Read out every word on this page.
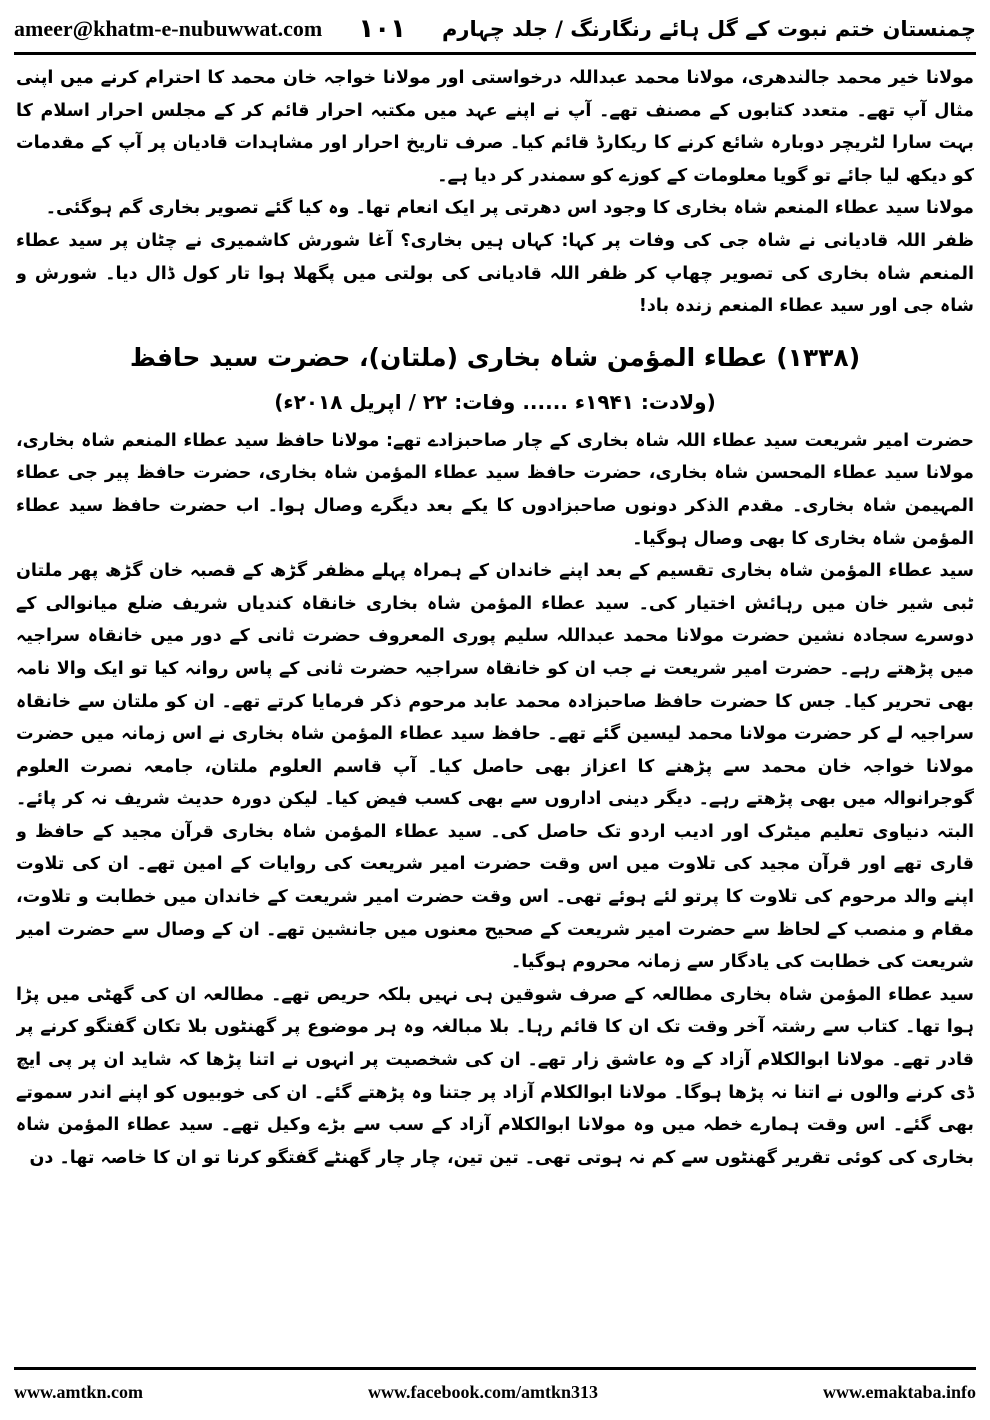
ameer@khatm-e-nubuwwat.com ۱۰۱ چمنستان ختم نبوت کے گل ہائے رنگارنگ / جلد چہارم

مولانا خیر محمد جالندھری، مولانا محمد عبداللہ درخواستی اور مولانا خواجہ خان محمد کا احترام کرنے میں اپنی مثال آپ تھے۔ متعدد کتابوں کے مصنف تھے۔ آپ نے اپنے عہد میں مکتبہ احرار قائم کر کے مجلس احرار اسلام کا بہت سارا لٹریچر دوبارہ شائع کرنے کا ریکارڈ قائم کیا۔ صرف تاریخ احرار اور مشاہدات قادیان پر آپ کے مقدمات کو دیکھ لیا جائے تو گویا معلومات کے کوزے کو سمندر کر دیا ہے۔

مولانا سید عطاء المنعم شاہ بخاری کا وجود اس دھرتی پر ایک انعام تھا۔ وہ کیا گئے تصویر بخاری گم ہوگئی۔

ظفر اللہ قادیانی نے شاہ جی کی وفات پر کہا: کہاں ہیں بخاری؟ آغا شورش کاشمیری نے چٹان پر سید عطاء المنعم شاہ بخاری کی تصویر چھاپ کر ظفر اللہ قادیانی کی بولتی میں پگھلا ہوا تار کول ڈال دیا۔ شورش و شاہ جی اور سید عطاء المنعم زندہ باد!

(۱۳۳۸) عطاء المؤمن شاہ بخاری (ملتان)، حضرت سید حافظ
(ولادت: ۱۹۴۱ء ...... وفات: ۲۲ / اپریل ۲۰۱۸ء)

حضرت امیر شریعت سید عطاء اللہ شاہ بخاری کے چار صاحبزادے تھے: مولانا حافظ سید عطاء المنعم شاہ بخاری، مولانا سید عطاء المحسن شاہ بخاری، حضرت حافظ سید عطاء المؤمن شاہ بخاری، حضرت حافظ پیر جی عطاء المہیمن شاہ بخاری۔ مقدم الذکر دونوں صاحبزادوں کا یکے بعد دیگرے وصال ہوا۔ اب حضرت حافظ سید عطاء المؤمن شاہ بخاری کا بھی وصال ہوگیا۔

سید عطاء المؤمن شاہ بخاری تقسیم کے بعد اپنے خاندان کے ہمراہ پہلے مظفر گڑھ کے قصبہ خان گڑھ پھر ملتان ٹبی شیر خان میں رہائش اختیار کی۔ سید عطاء المؤمن شاہ بخاری خانقاہ کندیاں شریف ضلع میانوالی کے دوسرے سجادہ نشین حضرت مولانا محمد عبداللہ سلیم پوری المعروف حضرت ثانی کے دور میں خانقاہ سراجیہ میں پڑھتے رہے۔ حضرت امیر شریعت نے جب ان کو خانقاہ سراجیہ حضرت ثانی کے پاس روانہ کیا تو ایک والا نامہ بھی تحریر کیا۔ جس کا حضرت حافظ صاحبزادہ محمد عابد مرحوم ذکر فرمایا کرتے تھے۔ ان کو ملتان سے خانقاہ سراجیہ لے کر حضرت مولانا محمد لیسین گئے تھے۔ حافظ سید عطاء المؤمن شاہ بخاری نے اس زمانہ میں حضرت مولانا خواجہ خان محمد سے پڑھنے کا اعزاز بھی حاصل کیا۔ آپ قاسم العلوم ملتان، جامعہ نصرت العلوم گوجرانوالہ میں بھی پڑھتے رہے۔ دیگر دینی اداروں سے بھی کسب فیض کیا۔ لیکن دورہ حدیث شریف نہ کر پائے۔ البتہ دنیاوی تعلیم میٹرک اور ادیب اردو تک حاصل کی۔ سید عطاء المؤمن شاہ بخاری قرآن مجید کے حافظ و قاری تھے اور قرآن مجید کی تلاوت میں اس وقت حضرت امیر شریعت کی روایات کے امین تھے۔ ان کی تلاوت اپنے والد مرحوم کی تلاوت کا پرتو لئے ہوئے تھی۔ اس وقت حضرت امیر شریعت کے خاندان میں خطابت و تلاوت، مقام و منصب کے لحاظ سے حضرت امیر شریعت کے صحیح معنوں میں جانشین تھے۔ ان کے وصال سے حضرت امیر شریعت کی خطابت کی یادگار سے زمانہ محروم ہوگیا۔

سید عطاء المؤمن شاہ بخاری مطالعہ کے صرف شوقین ہی نہیں بلکہ حریص تھے۔ مطالعہ ان کی گھٹی میں پڑا ہوا تھا۔ کتاب سے رشتہ آخر وقت تک ان کا قائم رہا۔ بلا مبالغہ وہ ہر موضوع پر گھنٹوں بلا تکان گفتگو کرنے پر قادر تھے۔ مولانا ابوالکلام آزاد کے وہ عاشق زار تھے۔ ان کی شخصیت پر انہوں نے اتنا پڑھا کہ شاید ان پر پی ایچ ڈی کرنے والوں نے اتنا نہ پڑھا ہوگا۔ مولانا ابوالکلام آزاد پر جتنا وہ پڑھتے گئے۔ ان کی خوبیوں کو اپنے اندر سموتے بھی گئے۔ اس وقت ہمارے خطہ میں وہ مولانا ابوالکلام آزاد کے سب سے بڑے وکیل تھے۔ سید عطاء المؤمن شاہ بخاری کی کوئی تقریر گھنٹوں سے کم نہ ہوتی تھی۔ تین تین، چار چار گھنٹے گفتگو کرنا تو ان کا خاصہ تھا۔ دن

www.amtkn.com	www.facebook.com/amtkn313	www.emaktaba.info
